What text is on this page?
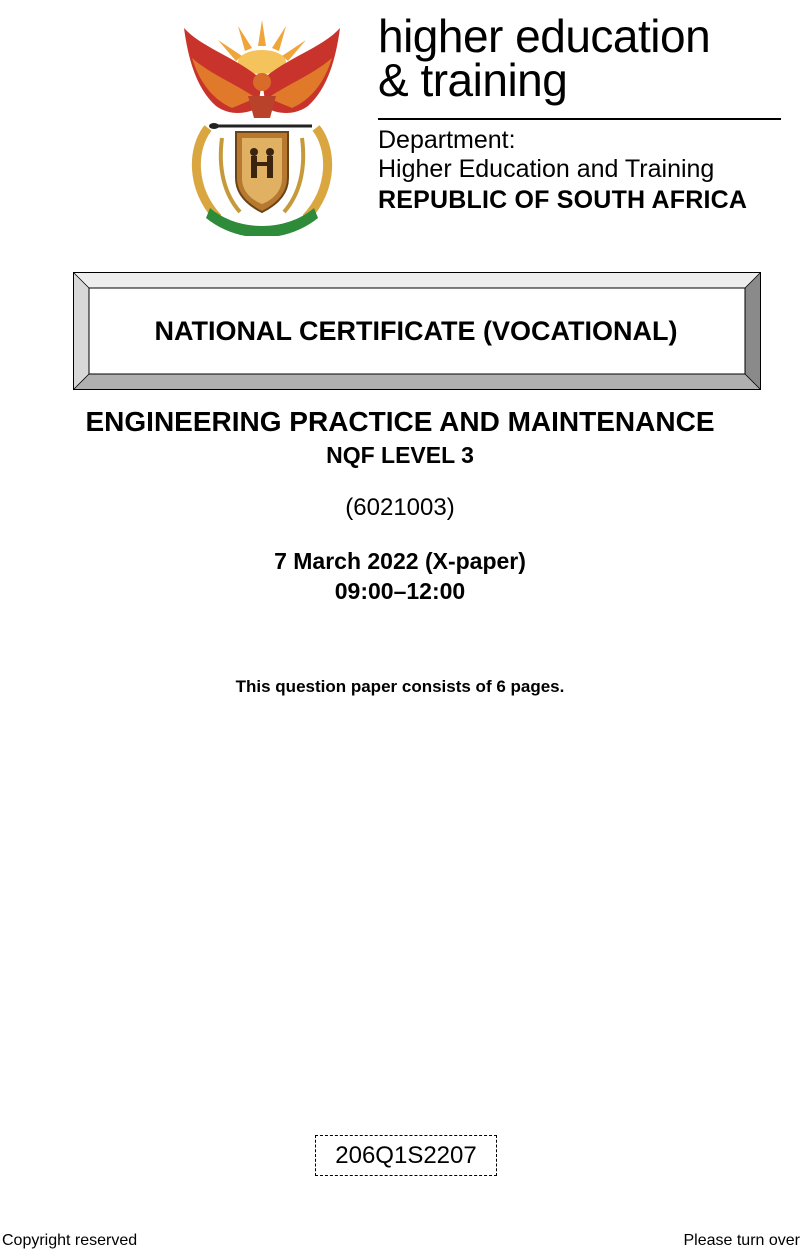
higher education
& training
Department:
Higher Education and Training
REPUBLIC OF SOUTH AFRICA
NATIONAL CERTIFICATE (VOCATIONAL)
ENGINEERING PRACTICE AND MAINTENANCE
NQF LEVEL 3
(6021003)
7 March 2022 (X-paper)
09:00–12:00
This question paper consists of 6 pages.
206Q1S2207
Copyright reserved	Please turn over
